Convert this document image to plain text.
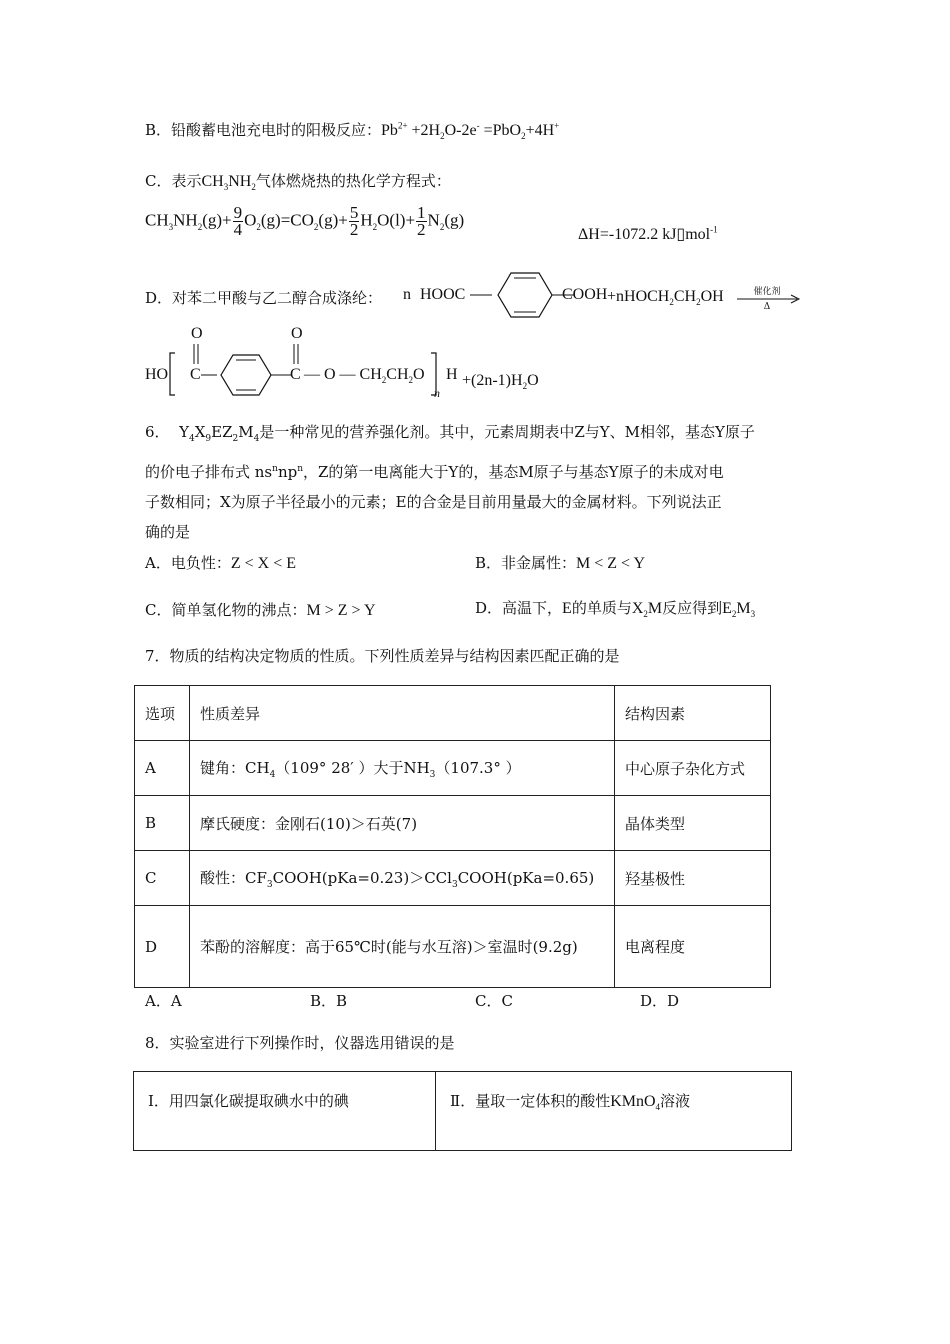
B．铅酸蓄电池充电时的阳极反应：$Pb^{2+} +2H_2O-2e^- =PbO_2+4H^+$
C．表示$CH_3NH_2$气体燃烧热的热化学方程式：
$CH_3NH_2(g)+ \frac{9}{4} O_2(g)=CO_2(g)+ \frac{5}{2} H_2O(l)+ \frac{1}{2} N_2(g)$
ΔH=-1072.2 kJ▯mol$^{-1}$
D．对苯二甲酸与乙二醇合成涤纶： n HOOC	COOH $+nHOCH_2CH_2OH$	催化剂
Δ
HO
O
C
O
C — O — $CH_2CH_2O$
n
$H +(2n-1)H_2O$
6．  $Y_4X_9EZ_2M_4$是一种常见的营养强化剂。其中，元素周期表中Z与Y、M相邻，基态Y原子
的价电子排布式 $ns^nnp^n$，Z的第一电离能大于Y的，基态M原子与基态Y原子的未成对电
子数相同；X为原子半径最小的元素；E的合金是目前用量最大的金属材料。下列说法正
确的是
A．电负性：Z < X < E	B．非金属性：M < Z < Y
C．简单氢化物的沸点：M > Z > Y	D．高温下，E的单质与$X_2M$反应得到$E_2M_3$
7．物质的结构决定物质的性质。下列性质差异与结构因素匹配正确的是
选项	性质差异	结构因素
A	键角：$CH_4(109^\circ$ 28′ ）大于$NH_3(107.3^\circ$ ）	中心原子杂化方式
B	摩氏硬度：金刚石(10)＞石英(7)	晶体类型
C	酸性：$CF_3COOH(pKa=0.23)>CCl_3COOH(pKa=0.65)$	羟基极性
D	苯酚的溶解度：高于65℃时(能与水互溶)＞室温时(9.2g)	电离程度
A．A	B．B	C．C	D．D
8．实验室进行下列操作时，仪器选用错误的是
Ⅰ．用四氯化碳提取碘水中的碘	Ⅱ．量取一定体积的酸性KMnO$_4$溶液
